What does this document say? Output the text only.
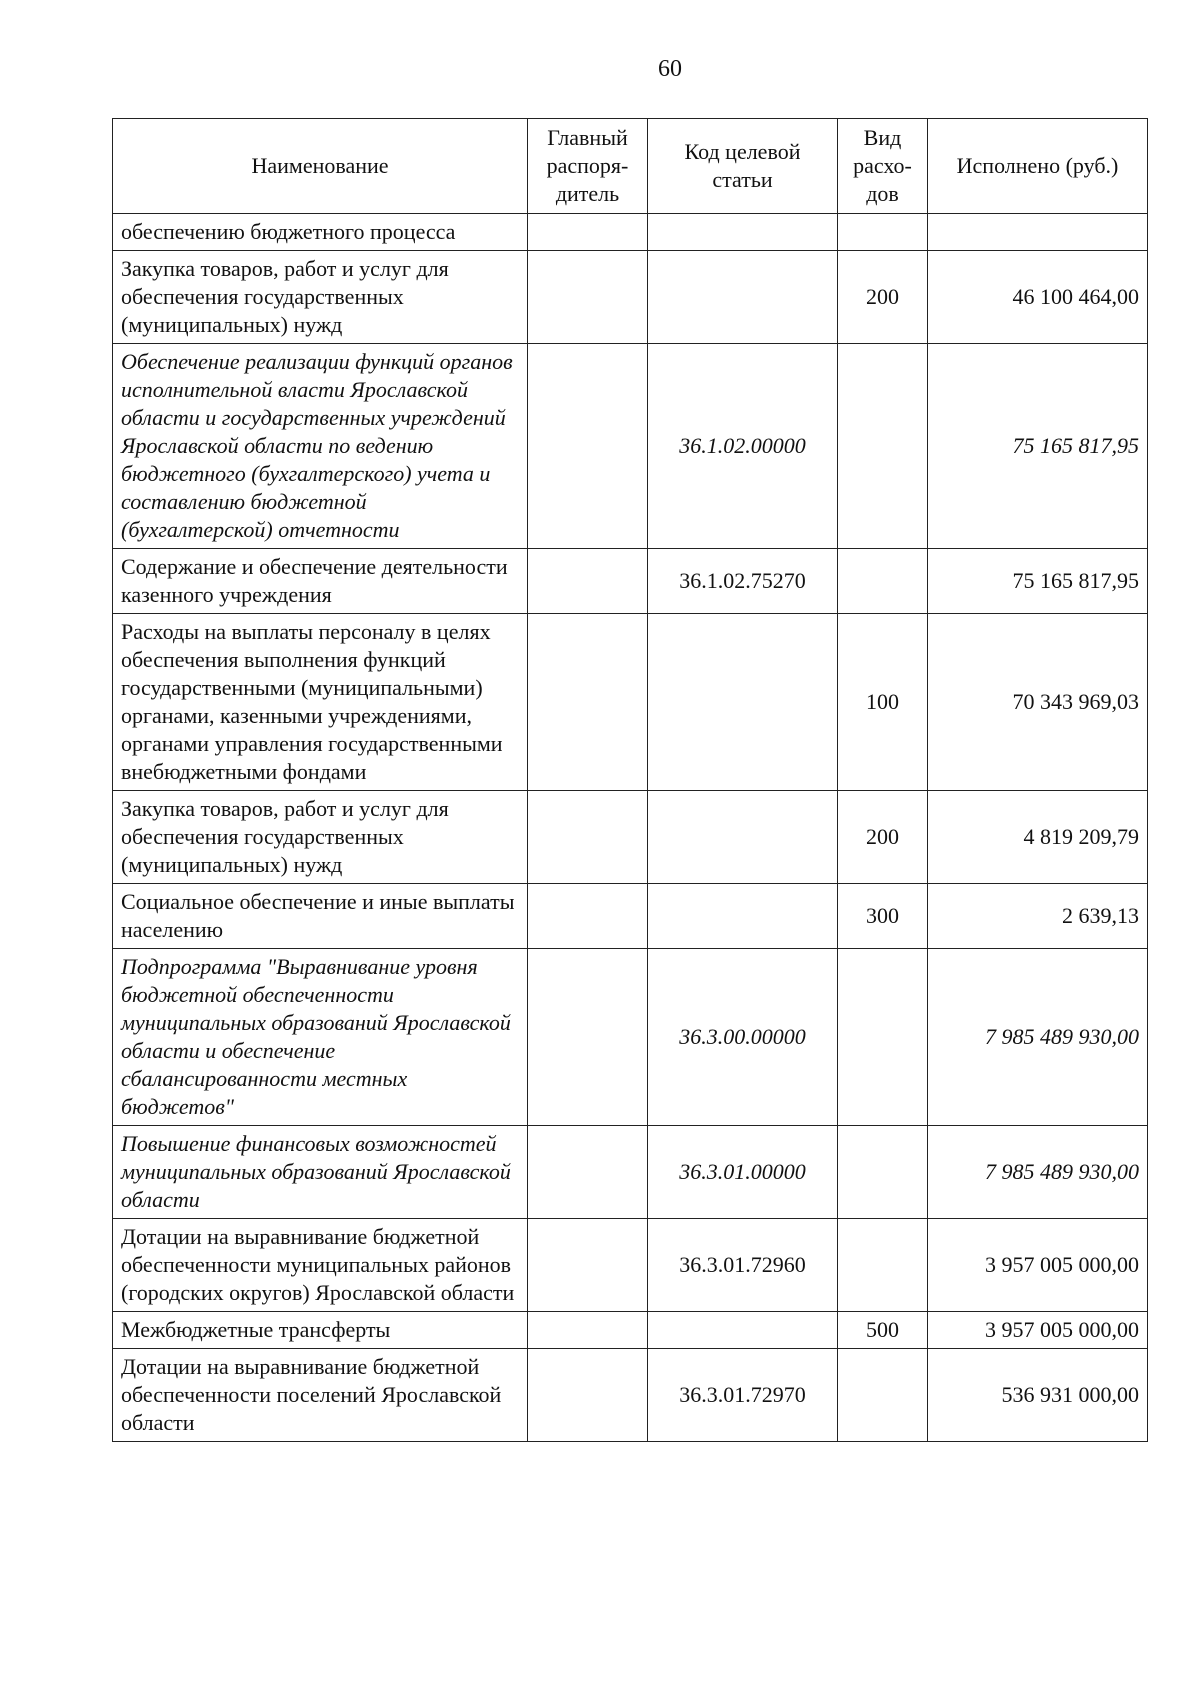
60
Наименование	Главный распоря-дитель	Код целевой статьи	Вид расхо-дов	Исполнено (руб.)
обеспечению бюджетного процесса				
Закупка товаров, работ и услуг для обеспечения государственных (муниципальных) нужд			200	46 100 464,00
Обеспечение реализации функций органов исполнительной власти Ярославской области и государственных учреждений Ярославской области по ведению бюджетного (бухгалтерского) учета и составлению бюджетной (бухгалтерской) отчетности		36.1.02.00000		75 165 817,95
Содержание и обеспечение деятельности казенного учреждения		36.1.02.75270		75 165 817,95
Расходы на выплаты персоналу в целях обеспечения выполнения функций государственными (муниципальными) органами, казенными учреждениями, органами управления государственными внебюджетными фондами			100	70 343 969,03
Закупка товаров, работ и услуг для обеспечения государственных (муниципальных) нужд			200	4 819 209,79
Социальное обеспечение и иные выплаты населению			300	2 639,13
Подпрограмма "Выравнивание уровня бюджетной обеспеченности муниципальных образований Ярославской области и обеспечение сбалансированности местных бюджетов"		36.3.00.00000		7 985 489 930,00
Повышение финансовых возможностей муниципальных образований Ярославской области		36.3.01.00000		7 985 489 930,00
Дотации на выравнивание бюджетной обеспеченности муниципальных районов (городских округов) Ярославской области		36.3.01.72960		3 957 005 000,00
Межбюджетные трансферты			500	3 957 005 000,00
Дотации на выравнивание бюджетной обеспеченности поселений Ярославской области		36.3.01.72970		536 931 000,00
